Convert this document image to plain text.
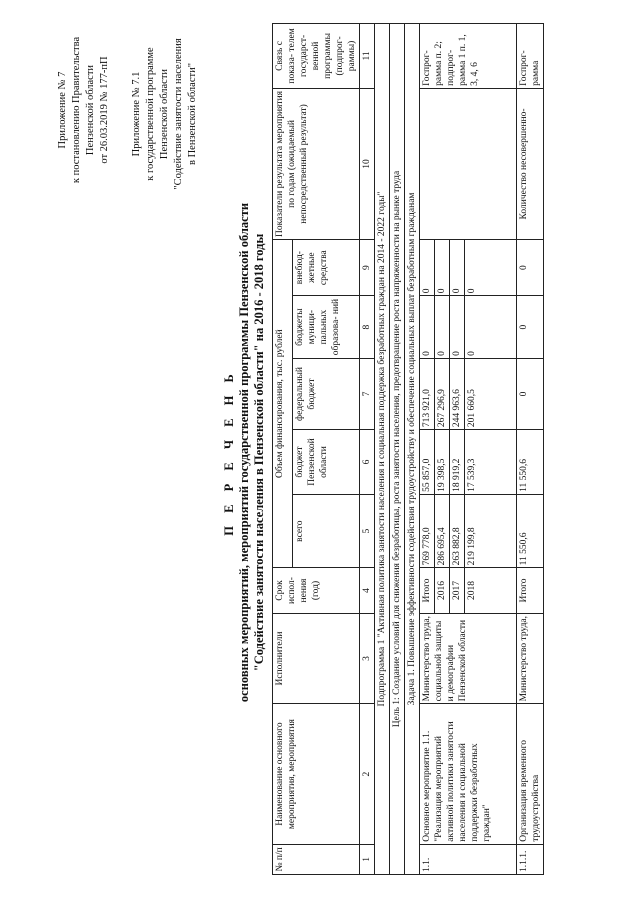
Приложение № 7 к постановлению Правительства Пензенской области от 26.03.2019 № 177-пП Приложение № 7.1 к государственной программе Пензенской области "Содействие занятости населения в Пензенской области"
П Е Р Е Ч Е Н Ь основных мероприятий, мероприятий государственной программы Пензенской области "Содействие занятости населения в Пензенской области" на 2016 - 2018 годы
№ п/п	Наименование основного мероприятия, мероприятия	Исполнители	Срок испол- нения (год)	Объем финансирования, тыс. рублей					Показатели результата мероприятия по годам (ожидаемый непосредственный результат)	Связь с показа- телем государст- венной программы (подпрог- раммы)
				всего	бюджет Пензенской области	федеральный бюджет	бюджеты муници- пальных образова- ний	внебюд- жетные средства		
1	2	3	4	5	6	7	8	9	10	11
Подпрограмма 1 "Активная политика занятости населения и социальная поддержка безработных граждан на 2014 - 2022 годы"										
Цель 1: Создание условий для снижения безработицы, роста занятости населения, предотвращение роста напряженности на рынке труда										
Задача 1. Повышение эффективности содействия трудоустройству и обеспечение социальных выплат безработным гражданам										
1.1.	Основное мероприятие 1.1. "Реализация мероприятий активной политики занятости населения и социальной поддержки безработных граждан"	Министерство труда, социальной защиты и демографии Пензенской области	Итого	769 778,0	55 857,0	713 921,0	0	0		Госпрог- рамма п. 2; подпрог- рамма 1 п. 1, 3, 4, 6
			2016	286 695,4	19 398,5	267 296,9	0	0		
			2017	263 882,8	18 919,2	244 963,6	0	0		
			2018	219 199,8	17 539,3	201 660,5	0	0		
1.1.1.	Организация временного трудоустройства	Министерство труда,	Итого	11 550,6	11 550,6	0	0	0	Количество несовершенно-	Госпрог- рамма
